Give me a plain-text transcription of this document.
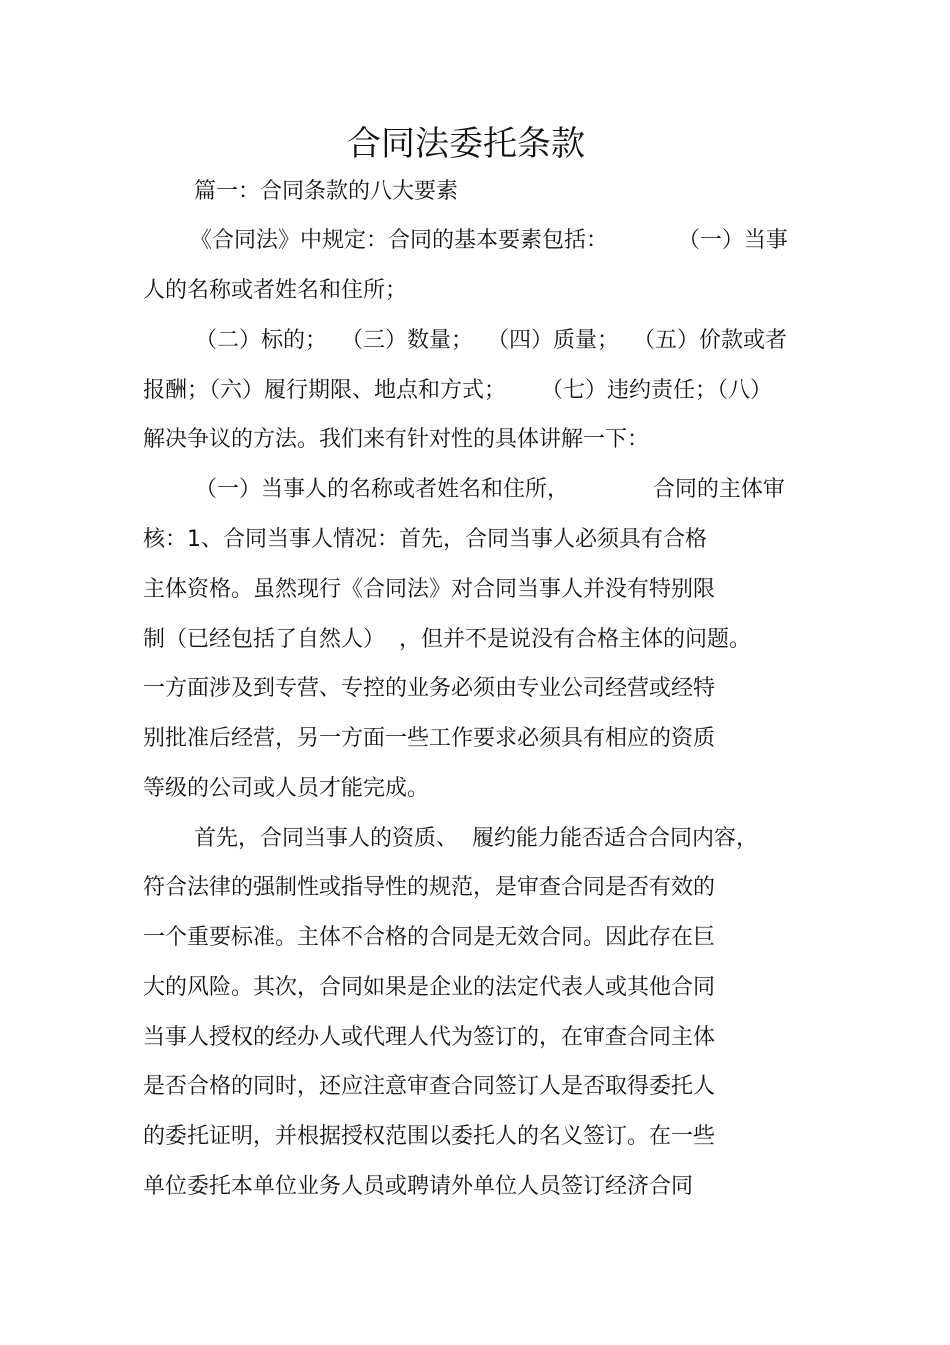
合同法委托条款

篇一：合同条款的八大要素

《合同法》中规定：合同的基本要素包括：          （一）当事

人的名称或者姓名和住所；

（二）标的；  （三）数量；  （四）质量；  （五）价款或者

报酬；（六）履行期限、地点和方式；     （七）违约责任；（八）

解决争议的方法。我们来有针对性的具体讲解一下：

（一）当事人的名称或者姓名和住所，            合同的主体审

核：1、合同当事人情况：首先，合同当事人必须具有合格

主体资格。虽然现行《合同法》对合同当事人并没有特别限

制（已经包括了自然人）  ，但并不是说没有合格主体的问题。

一方面涉及到专营、专控的业务必须由专业公司经营或经特

别批准后经营，另一方面一些工作要求必须具有相应的资质

等级的公司或人员才能完成。

首先，合同当事人的资质、  履约能力能否适合合同内容，

符合法律的强制性或指导性的规范，是审查合同是否有效的

一个重要标准。主体不合格的合同是无效合同。因此存在巨

大的风险。其次，合同如果是企业的法定代表人或其他合同

当事人授权的经办人或代理人代为签订的，在审查合同主体

是否合格的同时，还应注意审查合同签订人是否取得委托人

的委托证明，并根据授权范围以委托人的名义签订。在一些

单位委托本单位业务人员或聘请外单位人员签订经济合同
